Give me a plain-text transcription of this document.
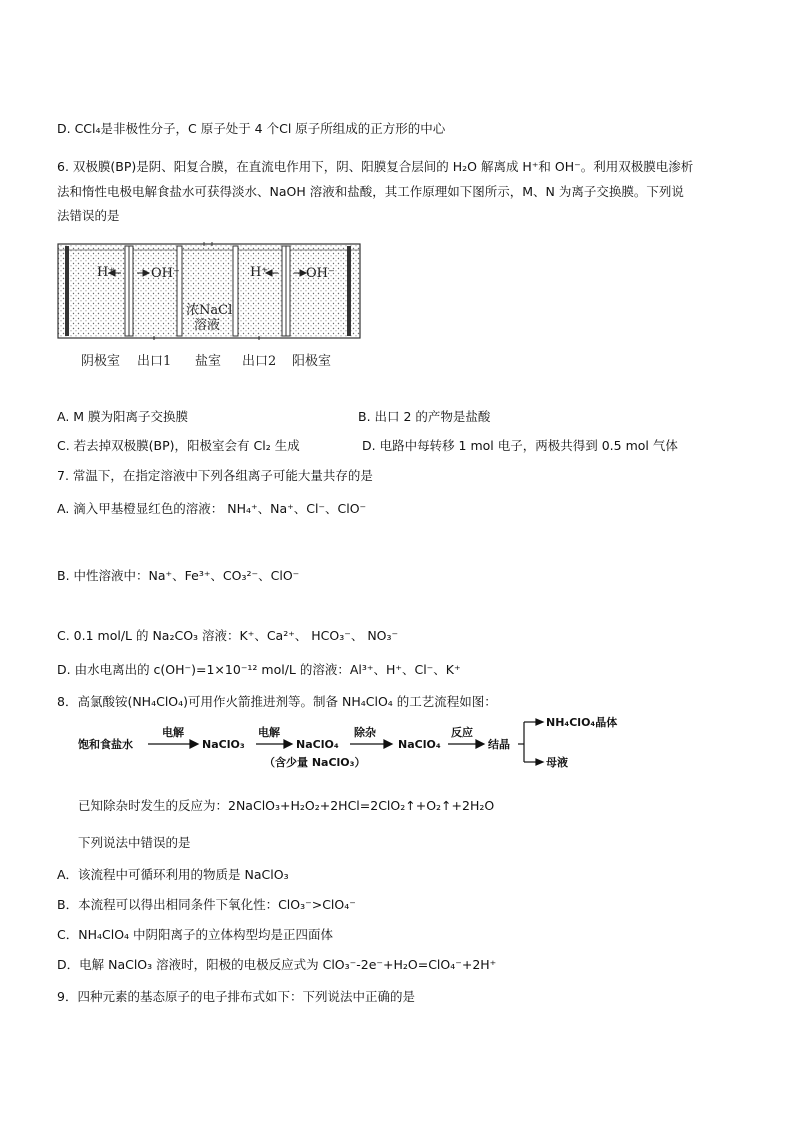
D. CCl₄是非极性分子，C 原子处于 4 个Cl 原子所组成的正方形的中心
6. 双极膜(BP)是阴、阳复合膜，在直流电作用下，阴、阳膜复合层间的 H₂O 解离成 H⁺和 OH⁻。利用双极膜电渗析
法和惰性电极电解食盐水可获得淡水、NaOH 溶液和盐酸，其工作原理如下图所示，M、N 为离子交换膜。下列说
法错误的是
H⁺	OH⁻	H⁺	OH⁻
浓NaCl
溶液
阴极室 出口1 盐室 出口2 阳极室
A. M 膜为阳离子交换膜	B. 出口 2 的产物是盐酸
C. 若去掉双极膜(BP)，阳极室会有 Cl₂ 生成	D. 电路中每转移 1 mol 电子，两极共得到 0.5 mol 气体
7. 常温下，在指定溶液中下列各组离子可能大量共存的是
A. 滴入甲基橙显红色的溶液： NH₄⁺、Na⁺、Cl⁻、ClO⁻
B. 中性溶液中：Na⁺、Fe³⁺、CO₃²⁻、ClO⁻
C. 0.1 mol/L 的 Na₂CO₃ 溶液：K⁺、Ca²⁺、 HCO₃⁻、 NO₃⁻
D. 由水电离出的 c(OH⁻)=1×10⁻¹² mol/L 的溶液：Al³⁺、H⁺、Cl⁻、K⁺
8．高氯酸铵(NH₄ClO₄)可用作火箭推进剂等。制备 NH₄ClO₄ 的工艺流程如图：
饱和食盐水
电解
NaClO₃
电解
NaClO₄
除杂
NaClO₄
反应
结晶
NH₄ClO₄晶体
母液
（含少量 NaClO₃）
已知除杂时发生的反应为：2NaClO₃+H₂O₂+2HCl=2ClO₂↑+O₂↑+2H₂O
下列说法中错误的是
A．该流程中可循环利用的物质是 NaClO₃
B．本流程可以得出相同条件下氧化性：ClO₃⁻>ClO₄⁻
C．NH₄ClO₄ 中阴阳离子的立体构型均是正四面体
D．电解 NaClO₃ 溶液时，阳极的电极反应式为 ClO₃⁻-2e⁻+H₂O=ClO₄⁻+2H⁺
9．四种元素的基态原子的电子排布式如下：下列说法中正确的是
